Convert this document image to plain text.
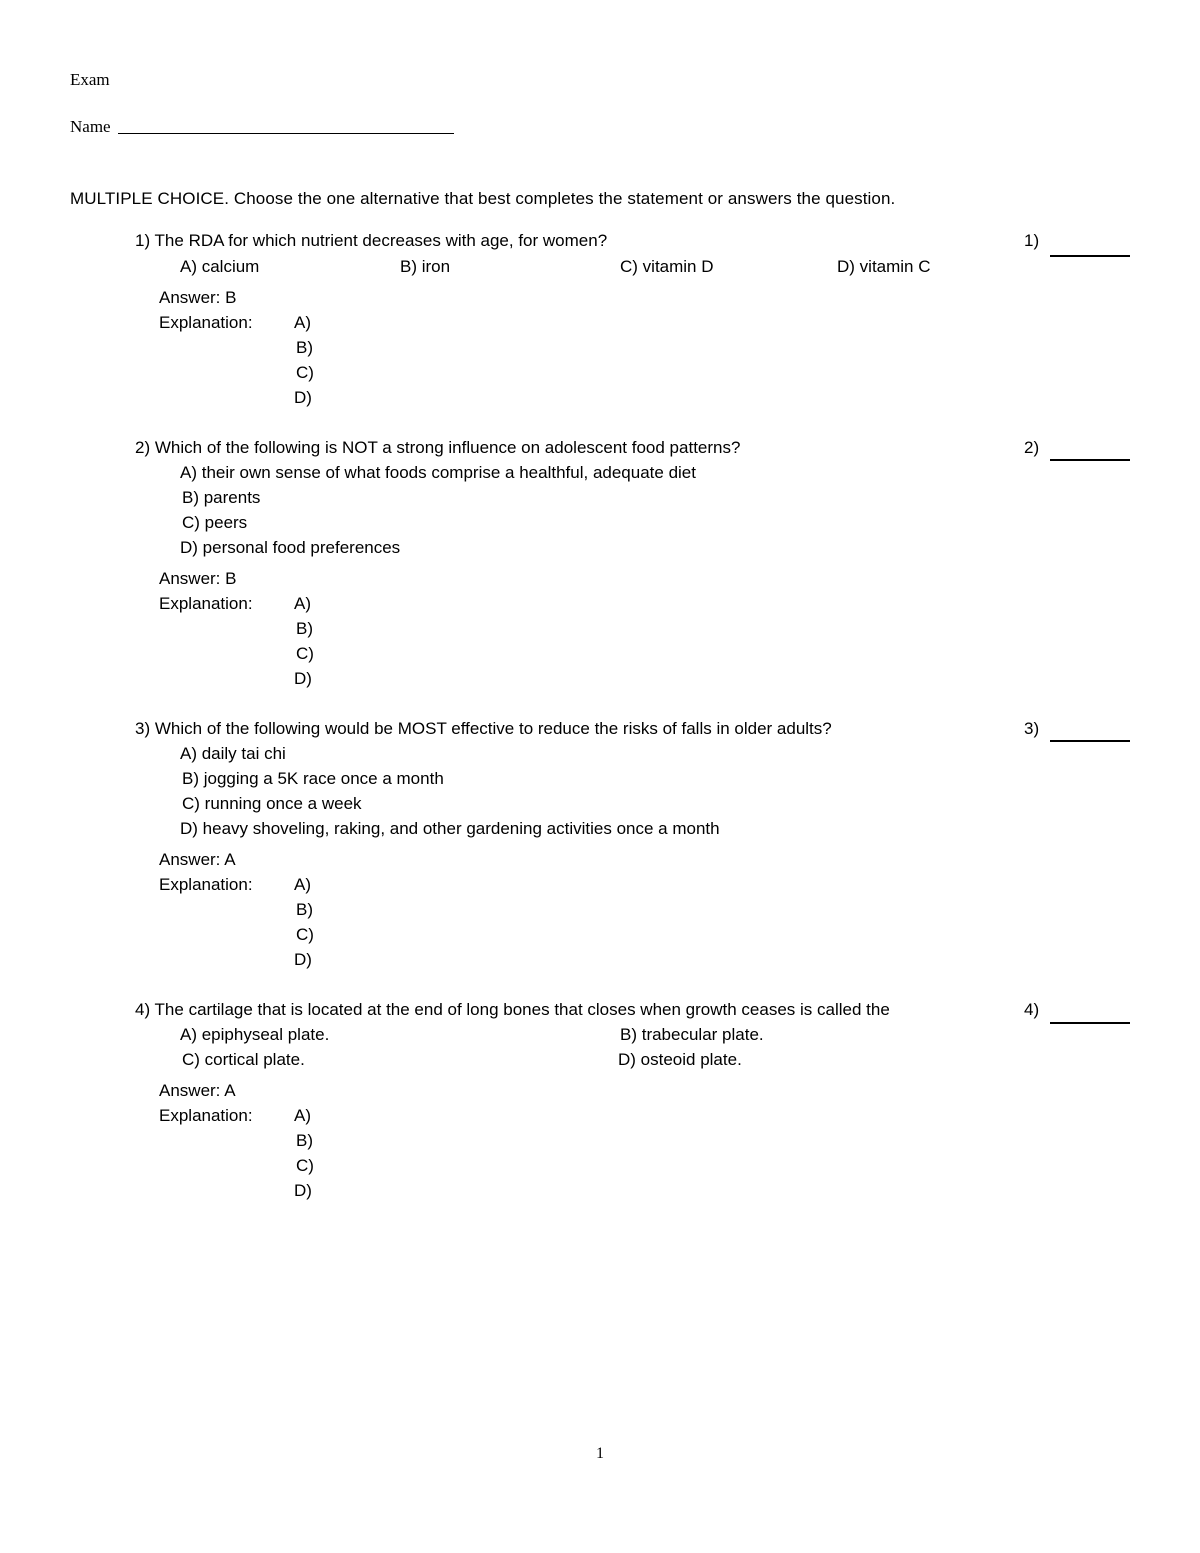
Exam
Name
MULTIPLE CHOICE. Choose the one alternative that best completes the statement or answers the question.
1) The RDA for which nutrient decreases with age, for women?	1)
A) calcium	B) iron	C) vitamin D	D) vitamin C
Answer: B
Explanation: A)
B)
C)
D)
2) Which of the following is NOT a strong influence on adolescent food patterns?	2)
A) their own sense of what foods comprise a healthful, adequate diet
B) parents
C) peers
D) personal food preferences
Answer: B
Explanation: A)
B)
C)
D)
3) Which of the following would be MOST effective to reduce the risks of falls in older adults?	3)
A) daily tai chi
B) jogging a 5K race once a month
C) running once a week
D) heavy shoveling, raking, and other gardening activities once a month
Answer: A
Explanation: A)
B)
C)
D)
4) The cartilage that is located at the end of long bones that closes when growth ceases is called the	4)
A) epiphyseal plate.	B) trabecular plate.
C) cortical plate.	D) osteoid plate.
Answer: A
Explanation: A)
B)
C)
D)
1
